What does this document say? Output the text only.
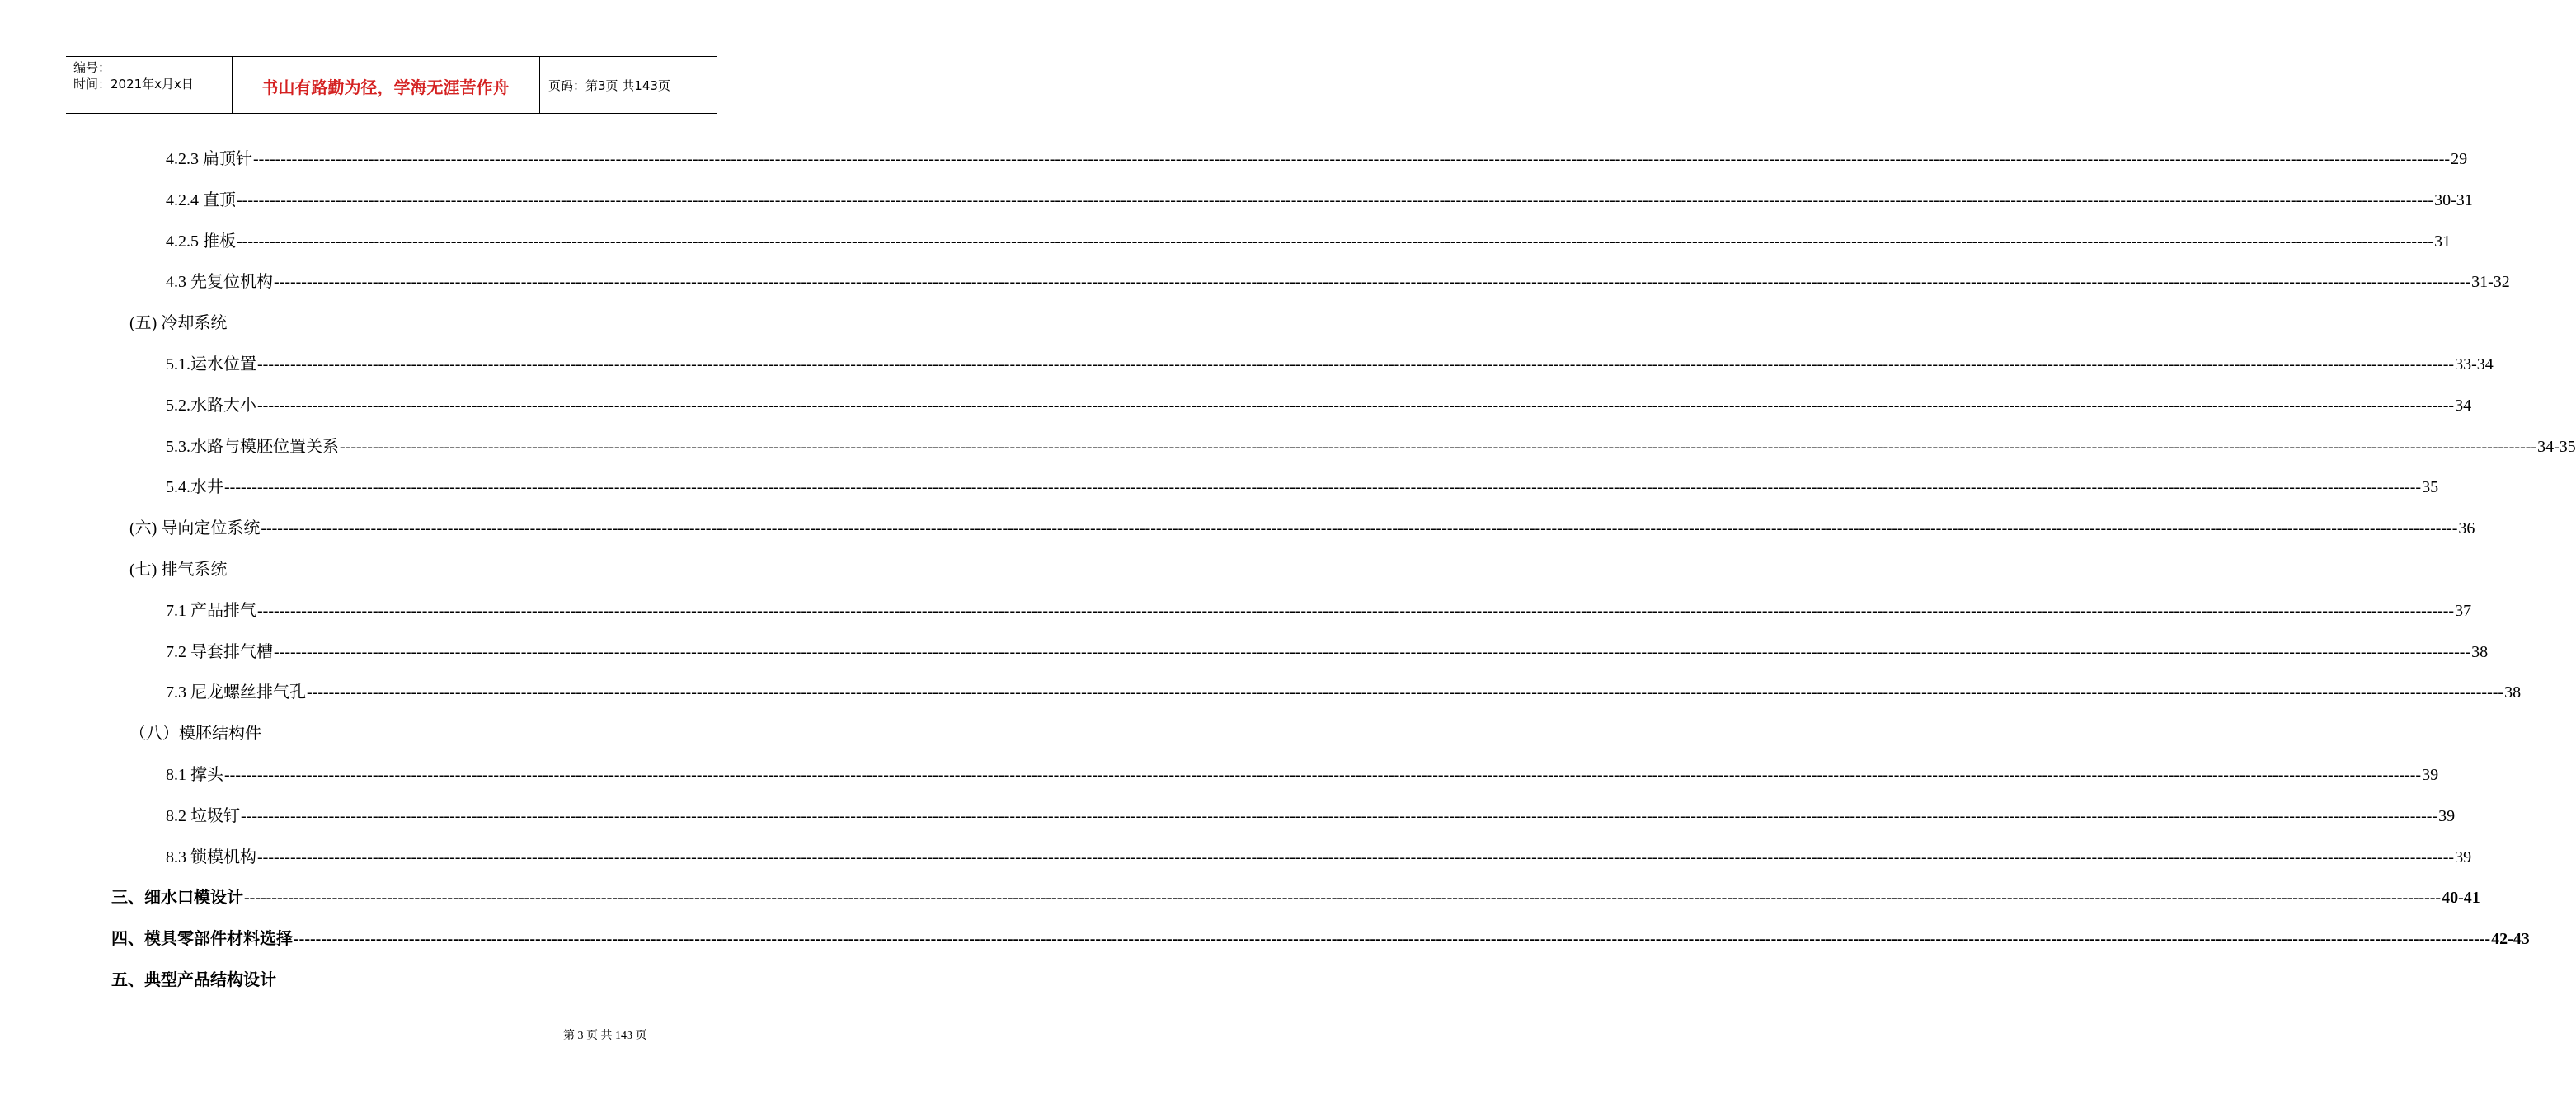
编号：
时间：2021年x月x日	书山有路勤为径，学海无涯苦作舟	页码：第3页 共143页
4.2.3 扁顶针 ---------------------------------------------------------------------------------------------------------------------------------------------------------------------------------------------------------------------------------------------------------------------------------------------------------------------------------------------------------------------------------------------------------------- 29
4.2.4 直顶 ---------------------------------------------------------------------------------------------------------------------------------------------------------------------------------------------------------------------------------------------------------------------------------------------------------------------------------------------------------------------------------------------------------------- 30-31
4.2.5 推板 ---------------------------------------------------------------------------------------------------------------------------------------------------------------------------------------------------------------------------------------------------------------------------------------------------------------------------------------------------------------------------------------------------------------- 31
4.3 先复位机构 ---------------------------------------------------------------------------------------------------------------------------------------------------------------------------------------------------------------------------------------------------------------------------------------------------------------------------------------------------------------------------------------------------------------- 31-32
(五) 冷却系统
5.1.运水位置 ---------------------------------------------------------------------------------------------------------------------------------------------------------------------------------------------------------------------------------------------------------------------------------------------------------------------------------------------------------------------------------------------------------------- 33-34
5.2.水路大小 ---------------------------------------------------------------------------------------------------------------------------------------------------------------------------------------------------------------------------------------------------------------------------------------------------------------------------------------------------------------------------------------------------------------- 34
5.3.水路与模胚位置关系 ---------------------------------------------------------------------------------------------------------------------------------------------------------------------------------------------------------------------------------------------------------------------------------------------------------------------------------------------------------------------------------------------------------------- 34-35
5.4.水井 ---------------------------------------------------------------------------------------------------------------------------------------------------------------------------------------------------------------------------------------------------------------------------------------------------------------------------------------------------------------------------------------------------------------- 35
(六) 导向定位系统 ---------------------------------------------------------------------------------------------------------------------------------------------------------------------------------------------------------------------------------------------------------------------------------------------------------------------------------------------------------------------------------------------------------------- 36
(七) 排气系统
7.1 产品排气 ---------------------------------------------------------------------------------------------------------------------------------------------------------------------------------------------------------------------------------------------------------------------------------------------------------------------------------------------------------------------------------------------------------------- 37
7.2 导套排气槽 ---------------------------------------------------------------------------------------------------------------------------------------------------------------------------------------------------------------------------------------------------------------------------------------------------------------------------------------------------------------------------------------------------------------- 38
7.3 尼龙螺丝排气孔 ---------------------------------------------------------------------------------------------------------------------------------------------------------------------------------------------------------------------------------------------------------------------------------------------------------------------------------------------------------------------------------------------------------------- 38
（八）模胚结构件
8.1 撑头 ---------------------------------------------------------------------------------------------------------------------------------------------------------------------------------------------------------------------------------------------------------------------------------------------------------------------------------------------------------------------------------------------------------------- 39
8.2 垃圾钉 ---------------------------------------------------------------------------------------------------------------------------------------------------------------------------------------------------------------------------------------------------------------------------------------------------------------------------------------------------------------------------------------------------------------- 39
8.3 锁模机构 ---------------------------------------------------------------------------------------------------------------------------------------------------------------------------------------------------------------------------------------------------------------------------------------------------------------------------------------------------------------------------------------------------------------- 39
三、细水口模设计 ---------------------------------------------------------------------------------------------------------------------------------------------------------------------------------------------------------------------------------------------------------------------------------------------------------------------------------------------------------------------------------------------------------------- 40-41
四、模具零部件材料选择 ---------------------------------------------------------------------------------------------------------------------------------------------------------------------------------------------------------------------------------------------------------------------------------------------------------------------------------------------------------------------------------------------------------------- 42-43
五、典型产品结构设计
第 3 页 共 143 页
